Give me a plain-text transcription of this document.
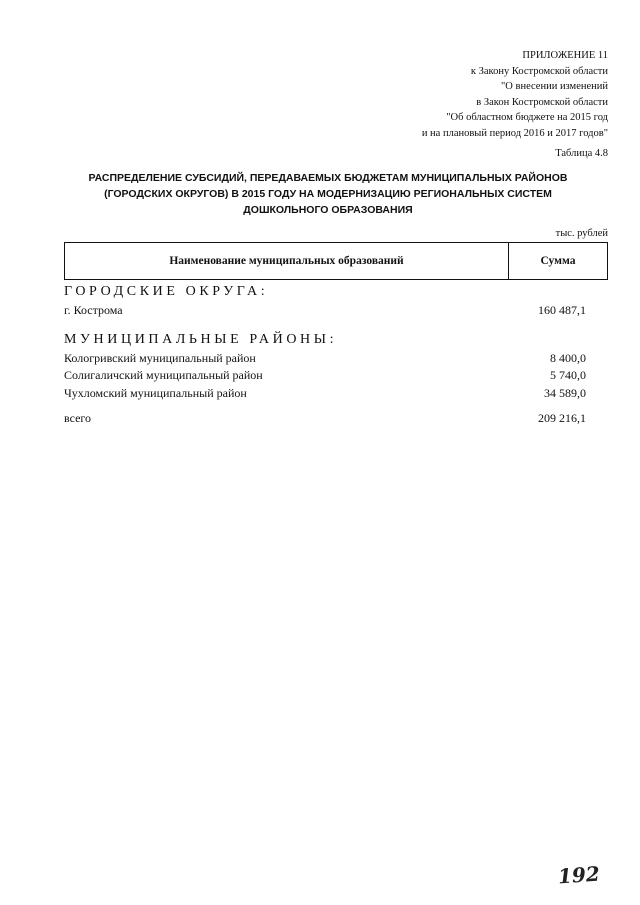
ПРИЛОЖЕНИЕ 11
к Закону Костромской области
"О внесении изменений
в Закон Костромской области
"Об областном бюджете на 2015 год
и на плановый период 2016 и 2017 годов"
Таблица 4.8
РАСПРЕДЕЛЕНИЕ СУБСИДИЙ, ПЕРЕДАВАЕМЫХ БЮДЖЕТАМ МУНИЦИПАЛЬНЫХ РАЙОНОВ
(ГОРОДСКИХ ОКРУГОВ) В 2015 ГОДУ НА МОДЕРНИЗАЦИЮ РЕГИОНАЛЬНЫХ СИСТЕМ
ДОШКОЛЬНОГО ОБРАЗОВАНИЯ
тыс. рублей
Наименование муниципальных образований	Сумма
ГОРОДСКИЕ ОКРУГА:
г. Кострома	160 487,1
МУНИЦИПАЛЬНЫЕ РАЙОНЫ:
Кологривский муниципальный район	8 400,0
Солигаличский муниципальный район	5 740,0
Чухломский муниципальный район	34 589,0
всего	209 216,1
192
